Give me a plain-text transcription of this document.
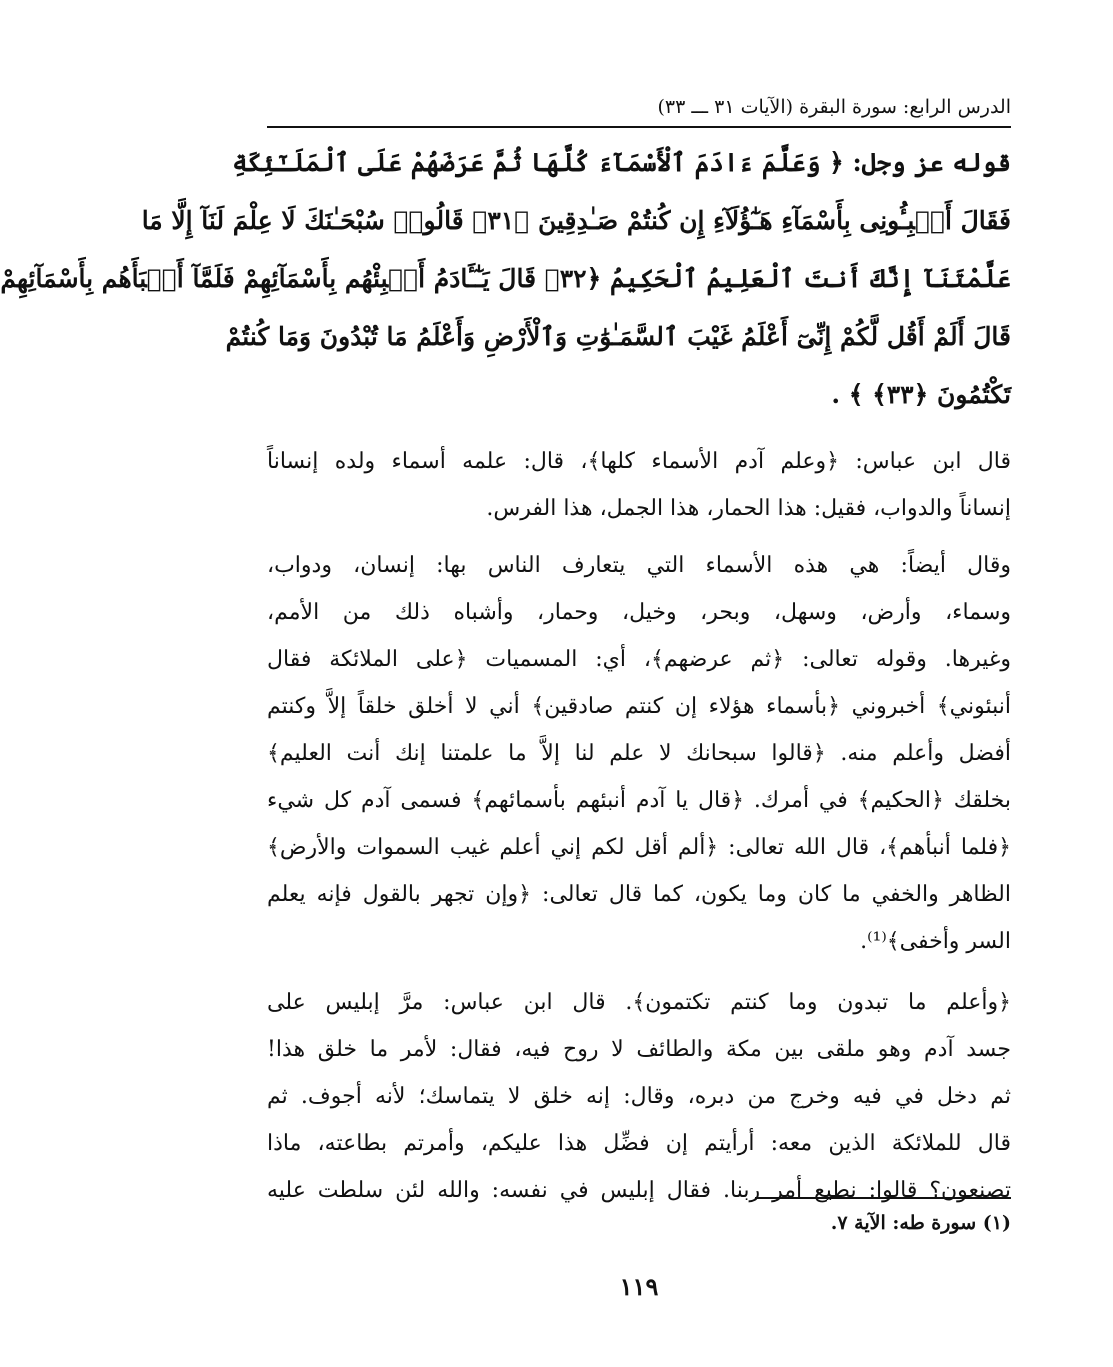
الدرس الرابع: سورة البقرة (الآيات ٣١ ـــ ٣٣)
قوله عز وجل: ﴿ وَعَلَّمَ ءَادَمَ ٱلْأَسْمَآءَ كُلَّهَا ثُمَّ عَرَضَهُمْ عَلَى ٱلْمَلَـٰٓئِكَةِ
فَقَالَ أَنۢبِـُٔونِى بِأَسْمَآءِ هَـٰٓؤُلَآءِ إِن كُنتُمْ صَـٰدِقِينَ ﴿٣١﴾ قَالُوا۟ سُبْحَـٰنَكَ لَا عِلْمَ لَنَآ إِلَّا مَا
عَلَّمْتَنَآ إِنَّكَ أَنتَ ٱلْعَلِيمُ ٱلْحَكِيمُ ﴿٣٢﴾ قَالَ يَـٰٓـَٔادَمُ أَنۢبِئْهُم بِأَسْمَآئِهِمْ فَلَمَّآ أَنۢبَأَهُم بِأَسْمَآئِهِمْ
قَالَ أَلَمْ أَقُل لَّكُمْ إِنِّىٓ أَعْلَمُ غَيْبَ ٱلسَّمَـٰوَٰتِ وَٱلْأَرْضِ وَأَعْلَمُ مَا تُبْدُونَ وَمَا كُنتُمْ
تَكْتُمُونَ ﴿٣٣﴾ ﴾ .
قال ابن عباس: ﴿وعلم آدم الأسماء كلها﴾، قال: علمه أسماء ولده إنساناً
إنساناً والدواب، فقيل: هذا الحمار، هذا الجمل، هذا الفرس.
وقال أيضاً: هي هذه الأسماء التي يتعارف الناس بها: إنسان، ودواب،
وسماء، وأرض، وسهل، وبحر، وخيل، وحمار، وأشباه ذلك من الأمم،
وغيرها. وقوله تعالى: ﴿ثم عرضهم﴾، أي: المسميات ﴿على الملائكة فقال
أنبئوني﴾ أخبروني ﴿بأسماء هؤلاء إن كنتم صادقين﴾ أني لا أخلق خلقاً إلاَّ وكنتم
أفضل وأعلم منه. ﴿قالوا سبحانك لا علم لنا إلاَّ ما علمتنا إنك أنت العليم﴾
بخلقك ﴿الحكيم﴾ في أمرك. ﴿قال يا آدم أنبئهم بأسمائهم﴾ فسمى آدم كل شيء
﴿فلما أنبأهم﴾، قال الله تعالى: ﴿ألم أقل لكم إني أعلم غيب السموات والأرض﴾
الظاهر والخفي ما كان وما يكون، كما قال تعالى: ﴿وإن تجهر بالقول فإنه يعلم
السر وأخفى﴾⁽¹⁾.
﴿وأعلم ما تبدون وما كنتم تكتمون﴾. قال ابن عباس: مرَّ إبليس على
جسد آدم وهو ملقى بين مكة والطائف لا روح فيه، فقال: لأمر ما خلق هذا!
ثم دخل في فيه وخرج من دبره، وقال: إنه خلق لا يتماسك؛ لأنه أجوف. ثم
قال للملائكة الذين معه: أرأيتم إن فضِّل هذا عليكم، وأمرتم بطاعته، ماذا
تصنعون؟ قالوا: نطيع أمر ربنا. فقال إبليس في نفسه: والله لئن سلطت عليه
(١) سورة طه: الآية ٧.
١١٩
